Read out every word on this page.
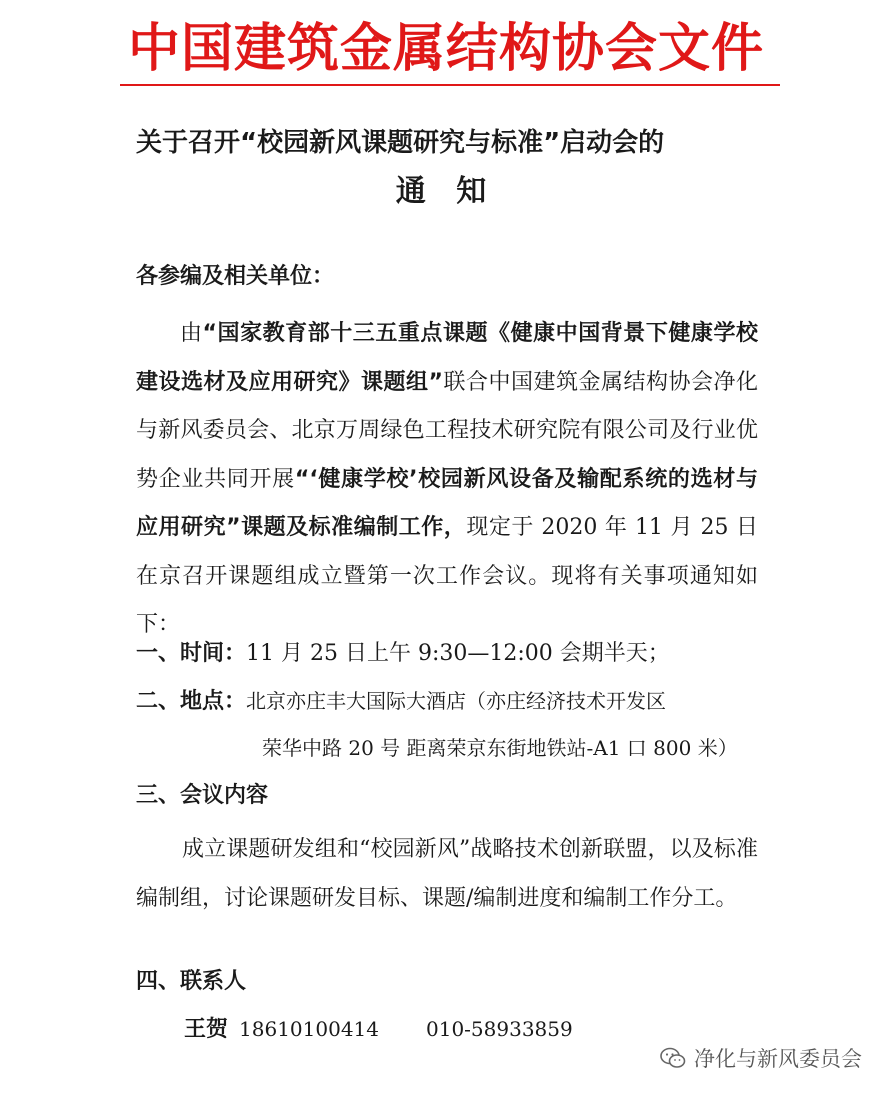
中国建筑金属结构协会文件
关于召开“校园新风课题研究与标准”启动会的
通 知
各参编及相关单位：
由“国家教育部十三五重点课题《健康中国背景下健康学校建设选材及应用研究》课题组”联合中国建筑金属结构协会净化与新风委员会、北京万周绿色工程技术研究院有限公司及行业优势企业共同开展“‘健康学校’校园新风设备及输配系统的选材与应用研究”课题及标准编制工作，现定于 2020 年 11 月 25 日在京召开课题组成立暨第一次工作会议。现将有关事项通知如下：
一、时间：11 月 25 日上午 9:30—12:00 会期半天；
二、地点：北京亦庄丰大国际大酒店（亦庄经济技术开发区
荣华中路 20 号 距离荣京东街地铁站-A1 口 800 米）
三、会议内容
成立课题研发组和“校园新风”战略技术创新联盟，以及标准编制组，讨论课题研发目标、课题/编制进度和编制工作分工。
四、联系人
王贺 18610100414 010-58933859
净化与新风委员会
